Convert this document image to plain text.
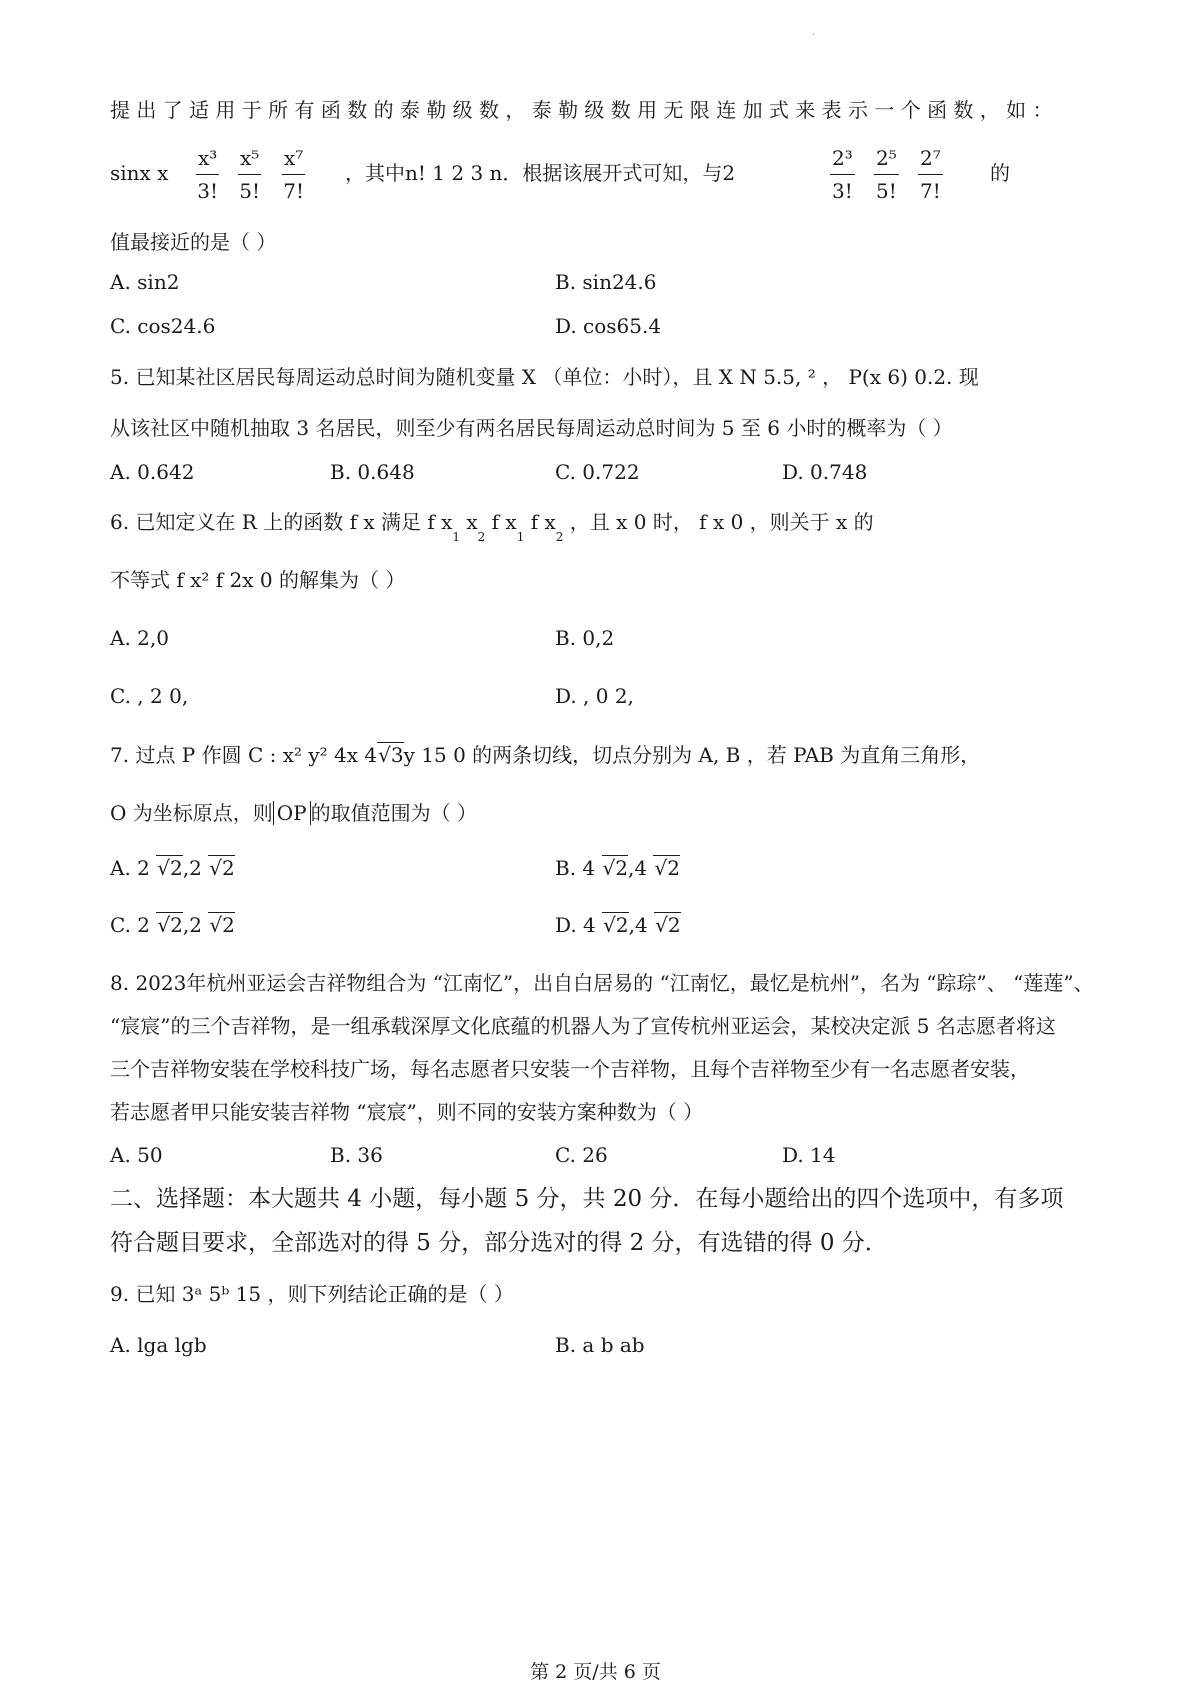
·
提 出 了 适 用 于 所 有 函 数 的 泰 勒 级 数 ， 泰 勒 级 数 用 无 限 连 加 式 来 表 示 一 个 函 数 ， 如 ：
sinx x $\frac{\text{x³}}{3!} \frac{\text{x⁵}}{5!} \frac{\text{x⁷}}{7!}$ ，其中n! 1 2 3 n．根据该展开式可知，与2	$\frac{\text{2³}}{3!} \frac{\text{2⁵}}{5!} \frac{\text{2⁷}}{7!}$ 的
值最接近的是（ ）
A. sin2	B. sin24.6
C. cos24.6	D. cos65.4
5. 已知某社区居民每周运动总时间为随机变量 X （单位：小时），且 X N 5.5, ² ， P(x 6) 0.2. 现
从该社区中随机抽取 3 名居民，则至少有两名居民每周运动总时间为 5 至 6 小时的概率为（ ）
A. 0.642	B. 0.648	C. 0.722	D. 0.748
6. 已知定义在 R 上的函数 f x 满足 f $x_1$ $x_2$ f $x_1$ f $x_2$ ，且 x 0 时， f x 0 ，则关于 x 的
不等式 f x² f 2x 0 的解集为（ ）
A. 2,0	B. 0,2
C. , 2 0,	D. , 0 2,
7. 过点 P 作圆 C : x² y² 4x 4√3y 15 0 的两条切线，切点分别为 A, B ，若 PAB 为直角三角形，
O 为坐标原点，则 OP 的取值范围为（ ）
A. 2 √2,2 √2	B. 4 √2,4 √2
C. 2 √2,2 √2	D. 4 √2,4 √2
8. 2023年杭州亚运会吉祥物组合为 “江南忆”，出自白居易的 “江南忆，最忆是杭州”，名为 “踪琮”、 “莲莲”、
“宸宸”的三个吉祥物，是一组承载深厚文化底蕴的机器人为了宣传杭州亚运会，某校决定派 5 名志愿者将这
三个吉祥物安装在学校科技广场，每名志愿者只安装一个吉祥物，且每个吉祥物至少有一名志愿者安装，
若志愿者甲只能安装吉祥物 “宸宸”，则不同的安装方案种数为（ ）
A. 50	B. 36	C. 26	D. 14
二、选择题：本大题共 4 小题，每小题 5 分，共 20 分．在每小题给出的四个选项中，有多项
符合题目要求，全部选对的得 5 分，部分选对的得 2 分，有选错的得 0 分．
9. 已知 3ᵃ 5ᵇ 15 ，则下列结论正确的是（ ）
A. lga lgb	B. a b ab
第 2 页/共 6 页
